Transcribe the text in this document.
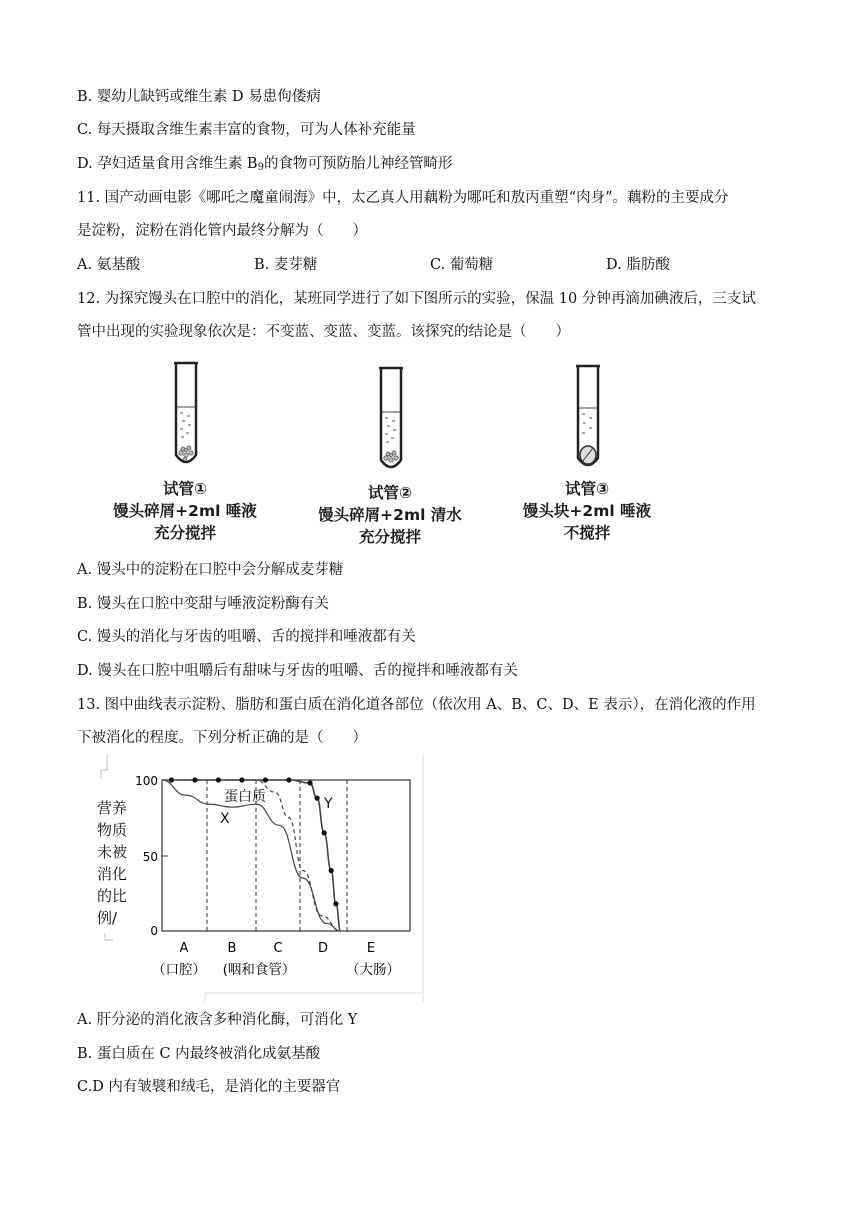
B. 婴幼儿缺钙或维生素 D 易患佝偻病
C. 每天摄取含维生素丰富的食物，可为人体补充能量
D. 孕妇适量食用含维生素 $B_9$的食物可预防胎儿神经管畸形
11. 国产动画电影《哪吒之魔童闹海》中，太乙真人用藕粉为哪吒和敖丙重塑“肉身”。藕粉的主要成分
是淀粉，淀粉在消化管内最终分解为（　　）
A. 氨基酸	B. 麦芽糖	C. 葡萄糖	D. 脂肪酸
12. 为探究馒头在口腔中的消化，某班同学进行了如下图所示的实验，保温 10 分钟再滴加碘液后，三支试
管中出现的实验现象依次是：不变蓝、变蓝、变蓝。该探究的结论是（　　）
试管①
馒头碎屑+2ml 唾液
充分搅拌
试管②
馒头碎屑+2ml 清水
充分搅拌
试管③
馒头块+2ml 唾液
不搅拌
A. 馒头中的淀粉在口腔中会分解成麦芽糖
B. 馒头在口腔中变甜与唾液淀粉酶有关
C. 馒头的消化与牙齿的咀嚼、舌的搅拌和唾液都有关
D. 馒头在口腔中咀嚼后有甜味与牙齿的咀嚼、舌的搅拌和唾液都有关
13. 图中曲线表示淀粉、脂肪和蛋白质在消化道各部位（依次用 A、B、C、D、E 表示），在消化液的作用
下被消化的程度。下列分析正确的是（　　）
100
50
0
营养
物质
未被
消化
的比
例/
A	B	C	D	E
（口腔） (咽和食管）	（大肠）
蛋白质
X
Y
A. 肝分泌的消化液含多种消化酶，可消化 Y
B. 蛋白质在 C 内最终被消化成氨基酸
C.D 内有皱襞和绒毛，是消化的主要器官
